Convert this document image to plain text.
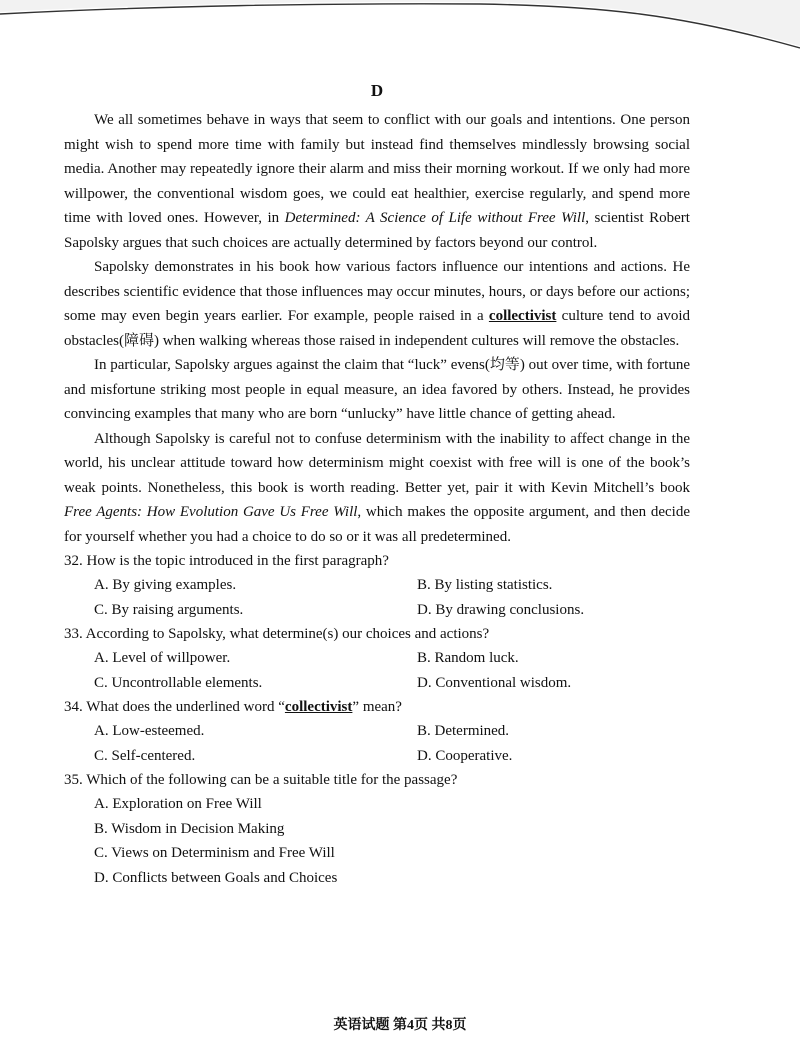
D

We all sometimes behave in ways that seem to conflict with our goals and intentions. One person might wish to spend more time with family but instead find themselves mindlessly browsing social media. Another may repeatedly ignore their alarm and miss their morning workout. If we only had more willpower, the conventional wisdom goes, we could eat healthier, exercise regularly, and spend more time with loved ones. However, in Determined: A Science of Life without Free Will, scientist Robert Sapolsky argues that such choices are actually determined by factors beyond our control.

Sapolsky demonstrates in his book how various factors influence our intentions and actions. He describes scientific evidence that those influences may occur minutes, hours, or days before our actions; some may even begin years earlier. For example, people raised in a collectivist culture tend to avoid obstacles(障碍) when walking whereas those raised in independent cultures will remove the obstacles.

In particular, Sapolsky argues against the claim that “luck” evens(均等) out over time, with fortune and misfortune striking most people in equal measure, an idea favored by others. Instead, he provides convincing examples that many who are born “unlucky” have little chance of getting ahead.

Although Sapolsky is careful not to confuse determinism with the inability to affect change in the world, his unclear attitude toward how determinism might coexist with free will is one of the book’s weak points. Nonetheless, this book is worth reading. Better yet, pair it with Kevin Mitchell’s book Free Agents: How Evolution Gave Us Free Will, which makes the opposite argument, and then decide for yourself whether you had a choice to do so or it was all predetermined.

32. How is the topic introduced in the first paragraph?

A. By giving examples.	B. By listing statistics.
C. By raising arguments.	D. By drawing conclusions.

33. According to Sapolsky, what determine(s) our choices and actions?

A. Level of willpower.	B. Random luck.
C. Uncontrollable elements.	D. Conventional wisdom.

34. What does the underlined word “collectivist” mean?

A. Low-esteemed.	B. Determined.
C. Self-centered.	D. Cooperative.

35. Which of the following can be a suitable title for the passage?

A. Exploration on Free Will
B. Wisdom in Decision Making
C. Views on Determinism and Free Will
D. Conflicts between Goals and Choices
英语试题 第4页 共8页
